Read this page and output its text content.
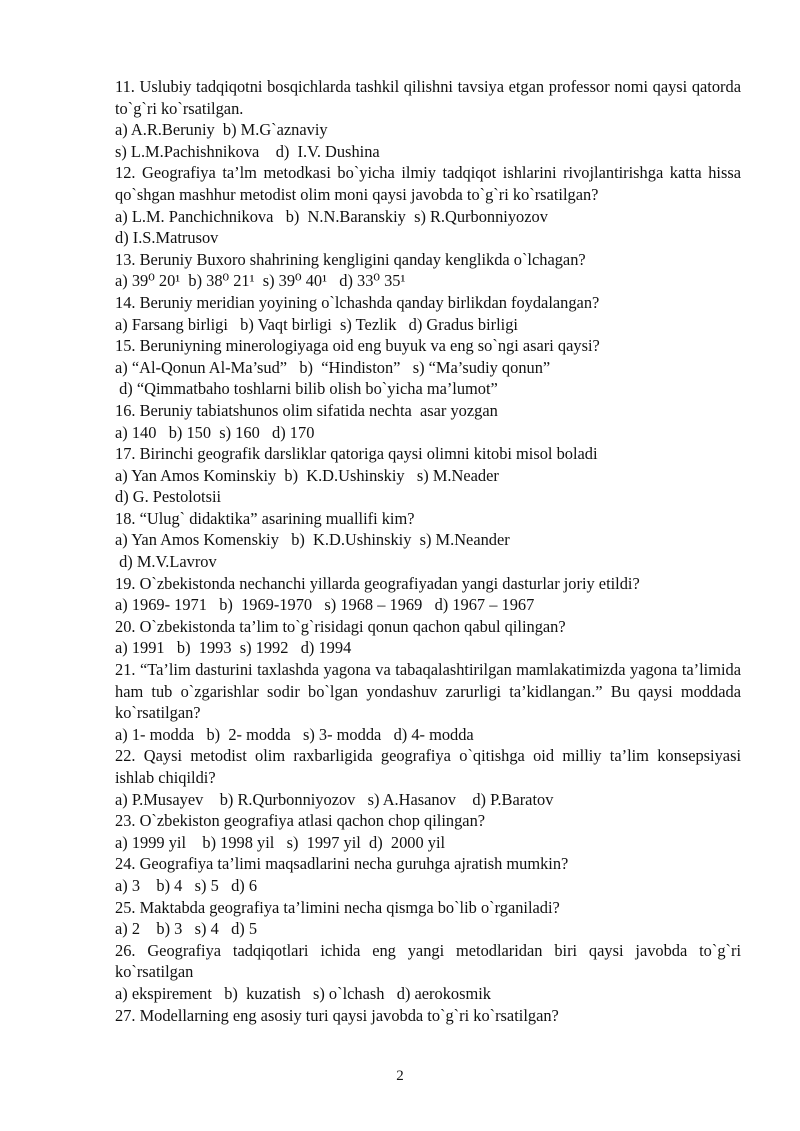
11. Uslubiy tadqiqotni bosqichlarda tashkil qilishni tavsiya etgan professor nomi qaysi qatorda to`g`ri ko`rsatilgan.
a) A.R.Beruniy  b) M.G`aznaviy
s) L.M.Pachishnikova    d)  I.V. Dushina
12. Geografiya ta’lm metodkasi bo`yicha ilmiy tadqiqot ishlarini rivojlantirishga katta hissa qo`shgan mashhur metodist olim moni qaysi javobda to`g`ri ko`rsatilgan?
a) L.M. Panchichnikova   b)  N.N.Baranskiy  s) R.Qurbonniyozov
d) I.S.Matrusov
13. Beruniy Buxoro shahrining kengligini qanday kenglikda o`lchagan?
a) 39⁰ 20¹  b) 38⁰ 21¹  s) 39⁰ 40¹   d) 33⁰ 35¹
14. Beruniy meridian yoyining o`lchashda qanday birlikdan foydalangan?
a) Farsang birligi   b) Vaqt birligi  s) Tezlik   d) Gradus birligi
15. Beruniyning minerologiyaga oid eng buyuk va eng so`ngi asari qaysi?
a) “Al-Qonun Al-Ma’sud”   b)  “Hindiston”   s) “Ma’sudiy qonun”
d) “Qimmatbaho toshlarni bilib olish bo`yicha ma’lumot”
16. Beruniy tabiatshunos olim sifatida nechta  asar yozgan
a) 140   b) 150  s) 160   d) 170
17. Birinchi geografik darsliklar qatoriga qaysi olimni kitobi misol boladi
a) Yan Amos Kominskiy  b)  K.D.Ushinskiy   s) M.Neader
d) G. Pestolotsii
18. “Ulug` didaktika” asarining muallifi kim?
a) Yan Amos Komenskiy   b)  K.D.Ushinskiy  s) M.Neander
d) M.V.Lavrov
19. O`zbekistonda nechanchi yillarda geografiyadan yangi dasturlar joriy etildi?
a) 1969- 1971   b)  1969-1970   s) 1968 – 1969   d) 1967 – 1967
20. O`zbekistonda ta’lim to`g`risidagi qonun qachon qabul qilingan?
a) 1991   b)  1993  s) 1992   d) 1994
21. “Ta’lim dasturini taxlashda yagona va tabaqalashtirilgan mamlakatimizda yagona ta’limida ham tub o`zgarishlar sodir bo`lgan yondashuv zarurligi ta’kidlangan.” Bu qaysi moddada ko`rsatilgan?
a) 1- modda   b)  2- modda   s) 3- modda   d) 4- modda
22. Qaysi metodist olim raxbarligida geografiya o`qitishga oid milliy ta’lim konsepsiyasi ishlab chiqildi?
a) P.Musayev    b) R.Qurbonniyozov   s) A.Hasanov    d) P.Baratov
23. O`zbekiston geografiya atlasi qachon chop qilingan?
a) 1999 yil    b) 1998 yil   s)  1997 yil  d)  2000 yil
24. Geografiya ta’limi maqsadlarini necha guruhga ajratish mumkin?
a) 3    b) 4   s) 5   d) 6
25. Maktabda geografiya ta’limini necha qismga bo`lib o`rganiladi?
a) 2    b) 3   s) 4   d) 5
26. Geografiya tadqiqotlari ichida eng yangi metodlaridan biri qaysi javobda to`g`ri ko`rsatilgan
a) ekspirement   b)  kuzatish   s) o`lchash   d) aerokosmik
27. Modellarning eng asosiy turi qaysi javobda to`g`ri ko`rsatilgan?
2
